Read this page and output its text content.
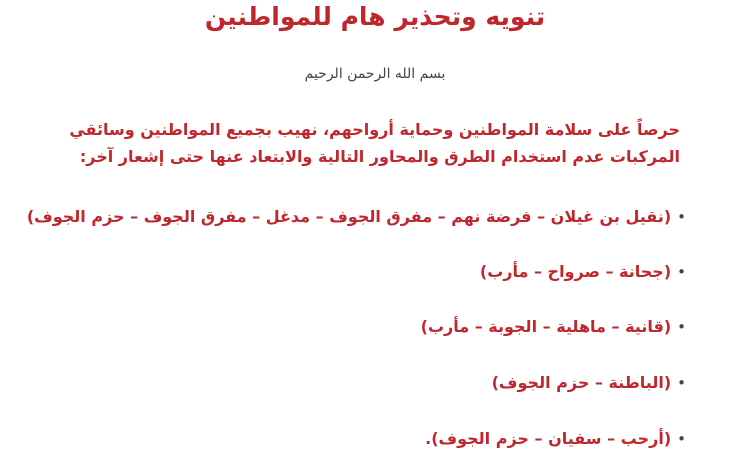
تنويه وتحذير هام للمواطنين
بسم الله الرحمن الرحيم
حرصاً على سلامة المواطنين وحماية أرواحهم، نهيب بجميع المواطنين وسائقي المركبات عدم استخدام الطرق والمحاور التالية والابتعاد عنها حتى إشعار آخر:
•(نقيل بن غيلان – فرضة نهم – مفرق الجوف – مدغل – مفرق الجوف – حزم الجوف)
•(جحانة – صرواح – مأرب)
•(قانية – ماهلية – الجوبة – مأرب)
•(الباطنة – حزم الجوف)
•(أرحب – سفيان – حزم الجوف).
